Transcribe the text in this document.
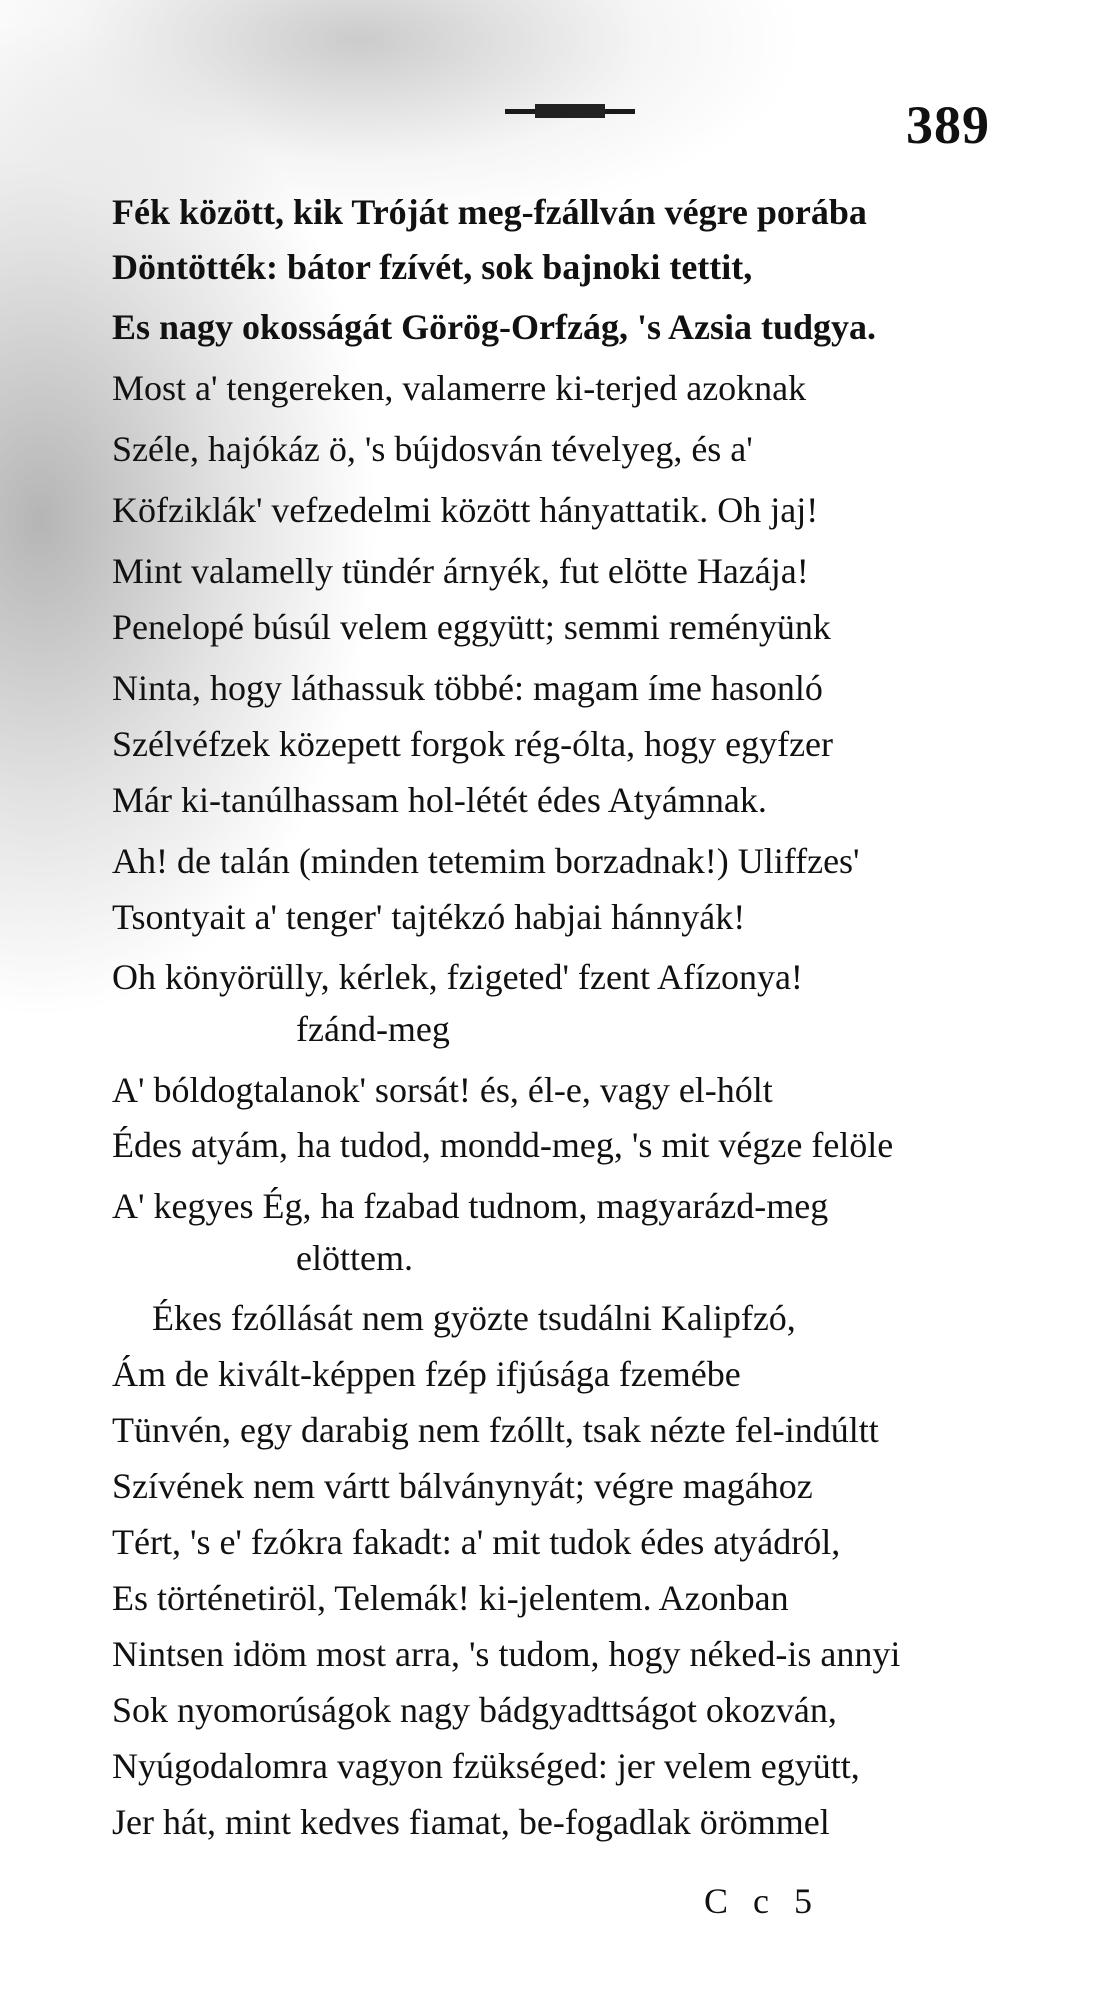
389
Fék között, kik Tróját meg-fzállván végre porába
Döntötték: bátor fzívét, sok bajnoki tettit,
Es nagy okosságát Görög-Orfzág, 's Azsia tudgya.
Most a' tengereken, valamerre ki-terjed azoknak
Széle, hajókáz ö, 's bújdosván tévelyeg, és a'
Köfziklák' vefzedelmi között hányattatik. Oh jaj!
Mint valamelly tündér árnyék, fut elötte Hazája!
Penelopé búsúl velem eggyütt; semmi reményünk
Ninta, hogy láthassuk többé: magam íme hasonló
Szélvéfzek közepett forgok rég-ólta, hogy egyfzer
Már ki-tanúlhassam hol-létét édes Atyámnak.
Ah! de talán (minden tetemim borzadnak!) Uliffzes'
Tsontyait a' tenger' tajtékzó habjai hánnyák!
Oh könyörülly, kérlek, fzigeted' fzent Afízonya!
fzánd-meg
A' bóldogtalanok' sorsát! és, él-e, vagy el-hólt
Édes atyám, ha tudod, mondd-meg, 's mit végze felöle
A' kegyes Ég, ha fzabad tudnom, magyarázd-meg
elöttem.
Ékes fzóllását nem gyözte tsudálni Kalipfzó,
Ám de kivált-képpen fzép ifjúsága fzemébe
Tünvén, egy darabig nem fzóllt, tsak nézte fel-indúltt
Szívének nem vártt bálványnyát; végre magához
Tért, 's e' fzókra fakadt: a' mit tudok édes atyádról,
Es történetiröl, Telemák! ki-jelentem. Azonban
Nintsen idöm most arra, 's tudom, hogy néked-is annyi
Sok nyomorúságok nagy bádgyadttságot okozván,
Nyúgodalomra vagyon fzükséged: jer velem együtt,
Jer hát, mint kedves fiamat, be-fogadlak örömmel
C c 5
